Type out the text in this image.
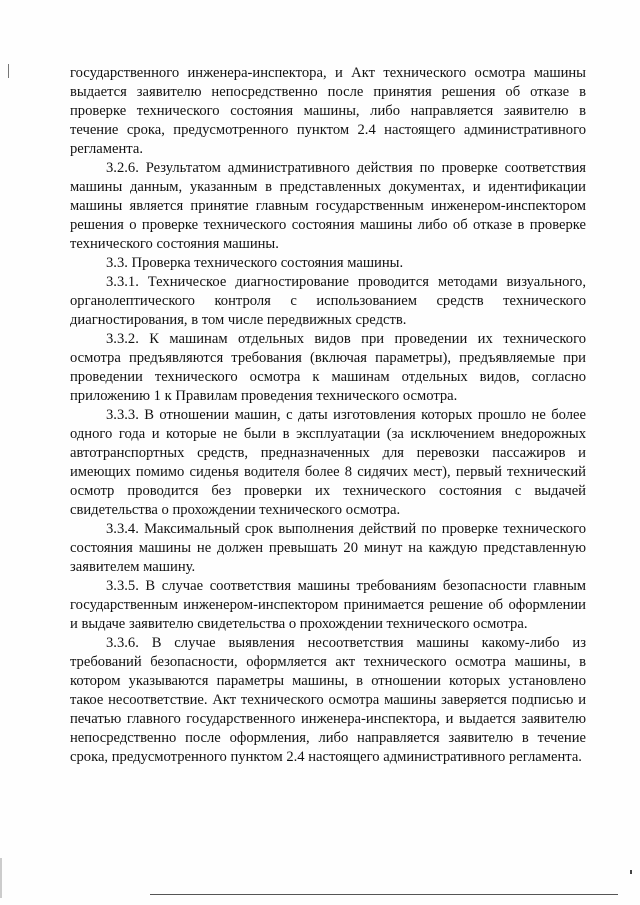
государственного инженера-инспектора, и Акт технического осмотра машины выдается заявителю непосредственно после принятия решения об отказе в проверке технического состояния машины, либо направляется заявителю в течение срока, предусмотренного пунктом 2.4 настоящего административного регламента.

3.2.6. Результатом административного действия по проверке соответствия машины данным, указанным в представленных документах, и идентификации машины является принятие главным государственным инженером-инспектором решения о проверке технического состояния машины либо об отказе в проверке технического состояния машины.

3.3. Проверка технического состояния машины.

3.3.1. Техническое диагностирование проводится методами визуального, органолептического контроля с использованием средств технического диагностирования, в том числе передвижных средств.

3.3.2. К машинам отдельных видов при проведении их технического осмотра предъявляются требования (включая параметры), предъявляемые при проведении технического осмотра к машинам отдельных видов, согласно приложению 1 к Правилам проведения технического осмотра.

3.3.3. В отношении машин, с даты изготовления которых прошло не более одного года и которые не были в эксплуатации (за исключением внедорожных автотранспортных средств, предназначенных для перевозки пассажиров и имеющих помимо сиденья водителя более 8 сидячих мест), первый технический осмотр проводится без проверки их технического состояния с выдачей свидетельства о прохождении технического осмотра.

3.3.4. Максимальный срок выполнения действий по проверке технического состояния машины не должен превышать 20 минут на каждую представленную заявителем машину.

3.3.5. В случае соответствия машины требованиям безопасности главным государственным инженером-инспектором принимается решение об оформлении и выдаче заявителю свидетельства о прохождении технического осмотра.

3.3.6. В случае выявления несоответствия машины какому-либо из требований безопасности, оформляется акт технического осмотра машины, в котором указываются параметры машины, в отношении которых установлено такое несоответствие. Акт технического осмотра машины заверяется подписью и печатью главного государственного инженера-инспектора, и выдается заявителю непосредственно после оформления, либо направляется заявителю в течение срока, предусмотренного пунктом 2.4 настоящего административного регламента.
